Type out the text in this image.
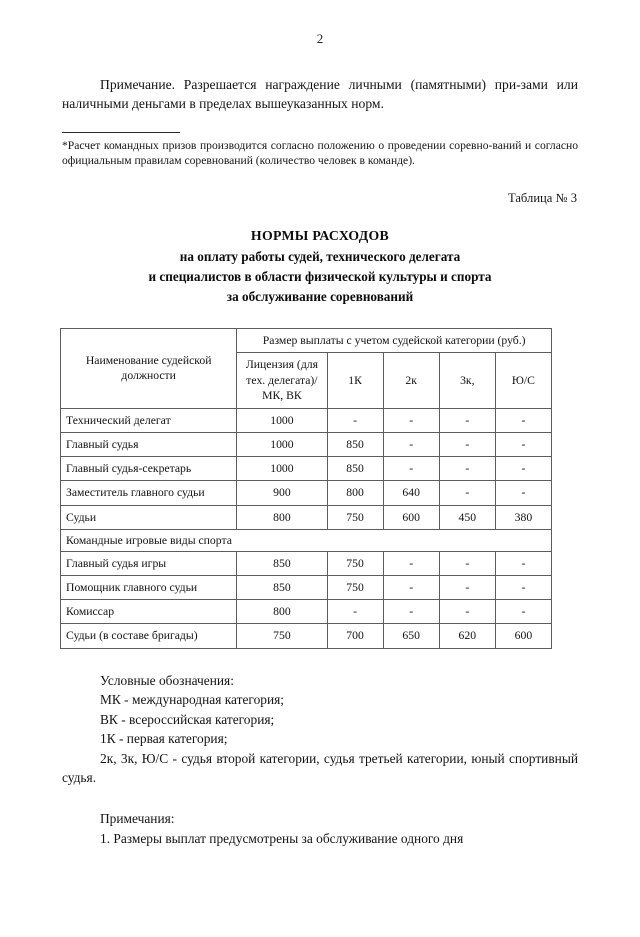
2

Примечание. Разрешается награждение личными (памятными) при-зами или наличными деньгами в пределах вышеуказанных норм.

*Расчет командных призов производится согласно положению о проведении соревно-ваний и согласно официальным правилам соревнований (количество человек в команде).

Таблица № 3

НОРМЫ РАСХОДОВ
на оплату работы судей, технического делегата
и специалистов в области физической культуры и спорта
за обслуживание соревнований
Наименование судейской должности	Размер выплаты с учетом судейской категории (руб.)				
	Лицензия (для тех. делегата)/ МК, ВК	1К	2к	3к,	Ю/С
Технический делегат	1000	-	-	-	-
Главный судья	1000	850	-	-	-
Главный судья-секретарь	1000	850	-	-	-
Заместитель главного судьи	900	800	640	-	-
Судьи	800	750	600	450	380
Командные игровые виды спорта					
Главный судья игры	850	750	-	-	-
Помощник главного судьи	850	750	-	-	-
Комиссар	800	-	-	-	-
Судьи (в составе бригады)	750	700	650	620	600
Условные обозначения:
МК - международная категория;
ВК - всероссийская категория;
1К - первая категория;
2к, 3к, Ю/С - судья второй категории, судья третьей категории, юный спортивный судья.
Примечания:
1. Размеры выплат предусмотрены за обслуживание одного дня
